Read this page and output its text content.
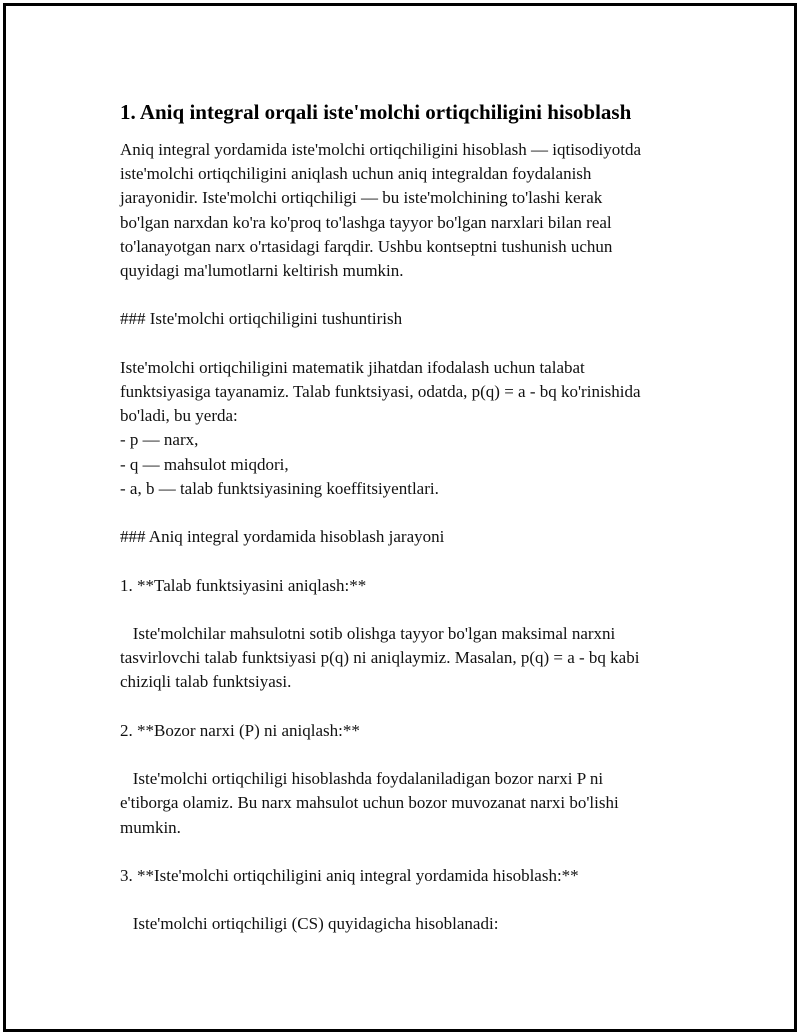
1. Aniq integral orqali iste'molchi ortiqchiligini hisoblash

Aniq integral yordamida iste'molchi ortiqchiligini hisoblash — iqtisodiyotda
iste'molchi ortiqchiligini aniqlash uchun aniq integraldan foydalanish
jarayonidir. Iste'molchi ortiqchiligi — bu iste'molchining to'lashi kerak
bo'lgan narxdan ko'ra ko'proq to'lashga tayyor bo'lgan narxlari bilan real
to'lanayotgan narx o'rtasidagi farqdir. Ushbu kontseptni tushunish uchun
quyidagi ma'lumotlarni keltirish mumkin.

### Iste'molchi ortiqchiligini tushuntirish

Iste'molchi ortiqchiligini matematik jihatdan ifodalash uchun talabat
funktsiyasiga tayanamiz. Talab funktsiyasi, odatda, p(q) = a - bq ko'rinishida
bo'ladi, bu yerda:
- p — narx,
- q — mahsulot miqdori,
- a, b — talab funktsiyasining koeffitsiyentlari.

### Aniq integral yordamida hisoblash jarayoni

1. **Talab funktsiyasini aniqlash:**

Iste'molchilar mahsulotni sotib olishga tayyor bo'lgan maksimal narxni
tasvirlovchi talab funktsiyasi p(q) ni aniqlaymiz. Masalan, p(q) = a - bq kabi
chiziqli talab funktsiyasi.

2. **Bozor narxi (P) ni aniqlash:**

Iste'molchi ortiqchiligi hisoblashda foydalaniladigan bozor narxi P ni
e'tiborga olamiz. Bu narx mahsulot uchun bozor muvozanat narxi bo'lishi
mumkin.

3. **Iste'molchi ortiqchiligini aniq integral yordamida hisoblash:**

Iste'molchi ortiqchiligi (CS) quyidagicha hisoblanadi:
